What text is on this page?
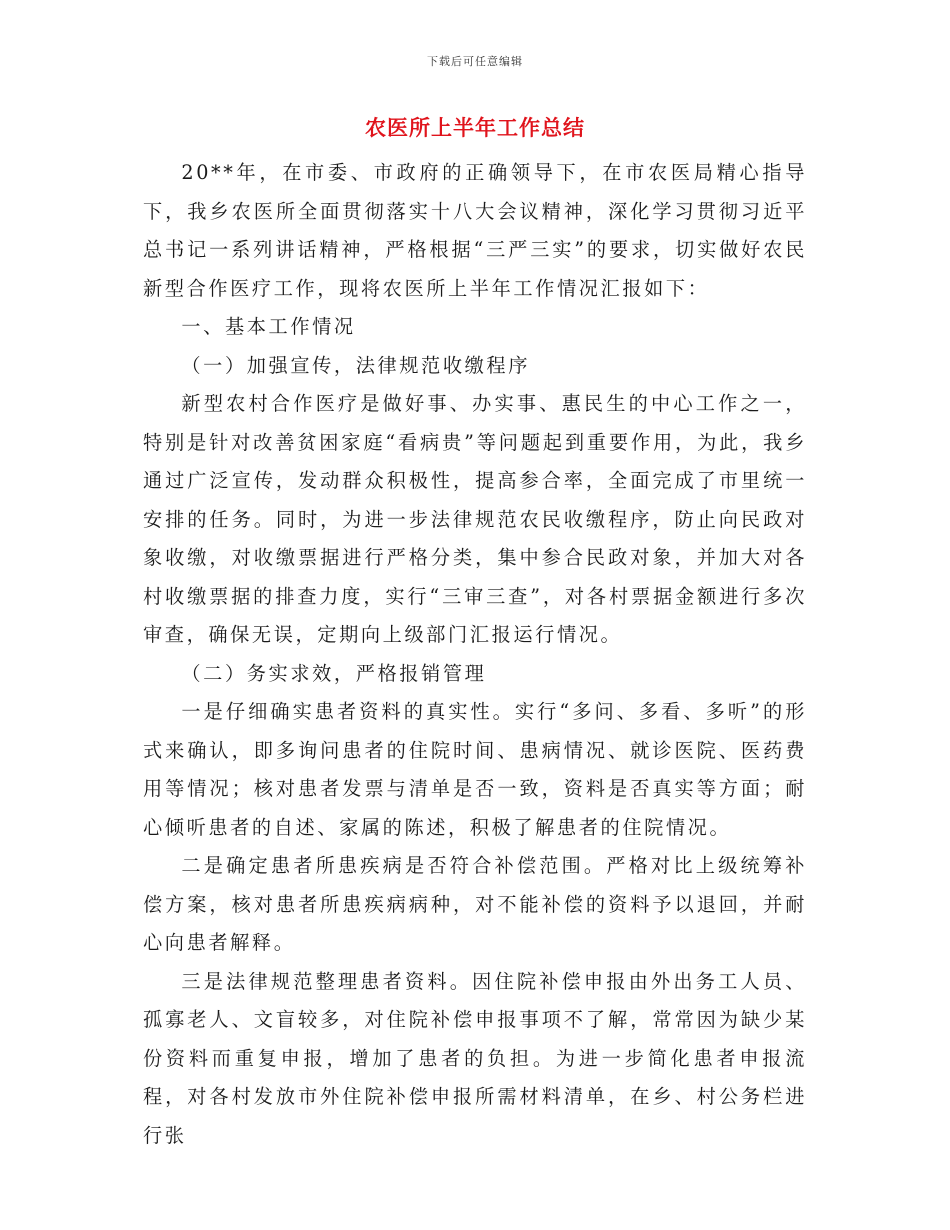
下载后可任意编辑
农医所上半年工作总结

20**年，在市委、市政府的正确领导下，在市农医局精心指导下，我乡农医所全面贯彻落实十八大会议精神，深化学习贯彻习近平总书记一系列讲话精神，严格根据“三严三实”的要求，切实做好农民新型合作医疗工作，现将农医所上半年工作情况汇报如下：

一、基本工作情况

（一）加强宣传，法律规范收缴程序

新型农村合作医疗是做好事、办实事、惠民生的中心工作之一，特别是针对改善贫困家庭“看病贵”等问题起到重要作用，为此，我乡通过广泛宣传，发动群众积极性，提高参合率，全面完成了市里统一安排的任务。同时，为进一步法律规范农民收缴程序，防止向民政对象收缴，对收缴票据进行严格分类，集中参合民政对象，并加大对各村收缴票据的排查力度，实行“三审三查”，对各村票据金额进行多次审查，确保无误，定期向上级部门汇报运行情况。

（二）务实求效，严格报销管理

一是仔细确实患者资料的真实性。实行“多问、多看、多听”的形式来确认，即多询问患者的住院时间、患病情况、就诊医院、医药费用等情况；核对患者发票与清单是否一致，资料是否真实等方面；耐心倾听患者的自述、家属的陈述，积极了解患者的住院情况。

二是确定患者所患疾病是否符合补偿范围。严格对比上级统筹补偿方案，核对患者所患疾病病种，对不能补偿的资料予以退回，并耐心向患者解释。

三是法律规范整理患者资料。因住院补偿申报由外出务工人员、孤寡老人、文盲较多，对住院补偿申报事项不了解，常常因为缺少某份资料而重复申报，增加了患者的负担。为进一步简化患者申报流程，对各村发放市外住院补偿申报所需材料清单，在乡、村公务栏进行张
